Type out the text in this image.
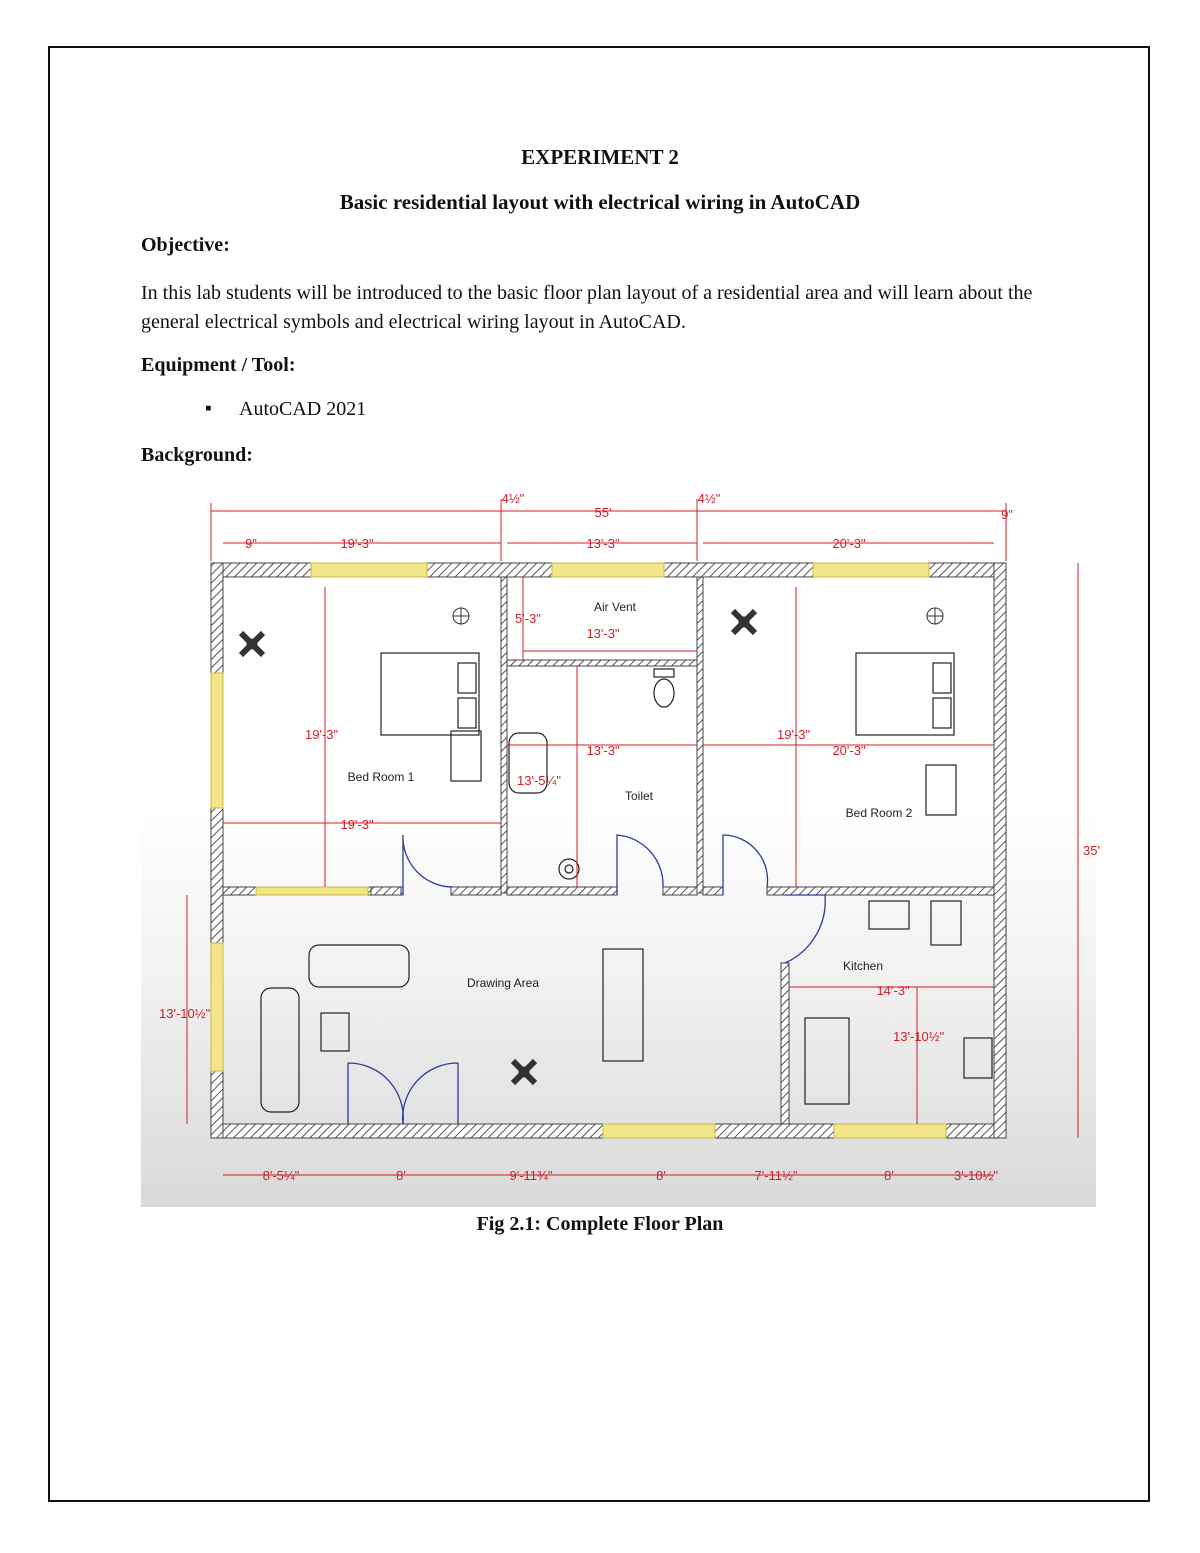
EXPERIMENT 2
Basic residential layout with electrical wiring in AutoCAD
Objective:
In this lab students will be introduced to the basic floor plan layout of a residential area and will learn about the general electrical symbols and electrical wiring layout in AutoCAD.
Equipment / Tool:
▪ AutoCAD 2021
Background:
55'
4½"	4½"
9"
9"	19'-3"	13'-3"	20'-3"
35'
5'-3"
13'-3"
19'-3"
19'-3"
13'-3"
13'-5¼"
19'-3"
20'-3"
13'-10½"
14'-3"
13'-10½"
8'-5¼"	8'	9'-11¾"	8'	7'-11½"	8'	3'-10½"
Bed Room 1
Bed Room 2
Air Vent
Toilet
Drawing Area
Kitchen
Fig 2.1: Complete Floor Plan
